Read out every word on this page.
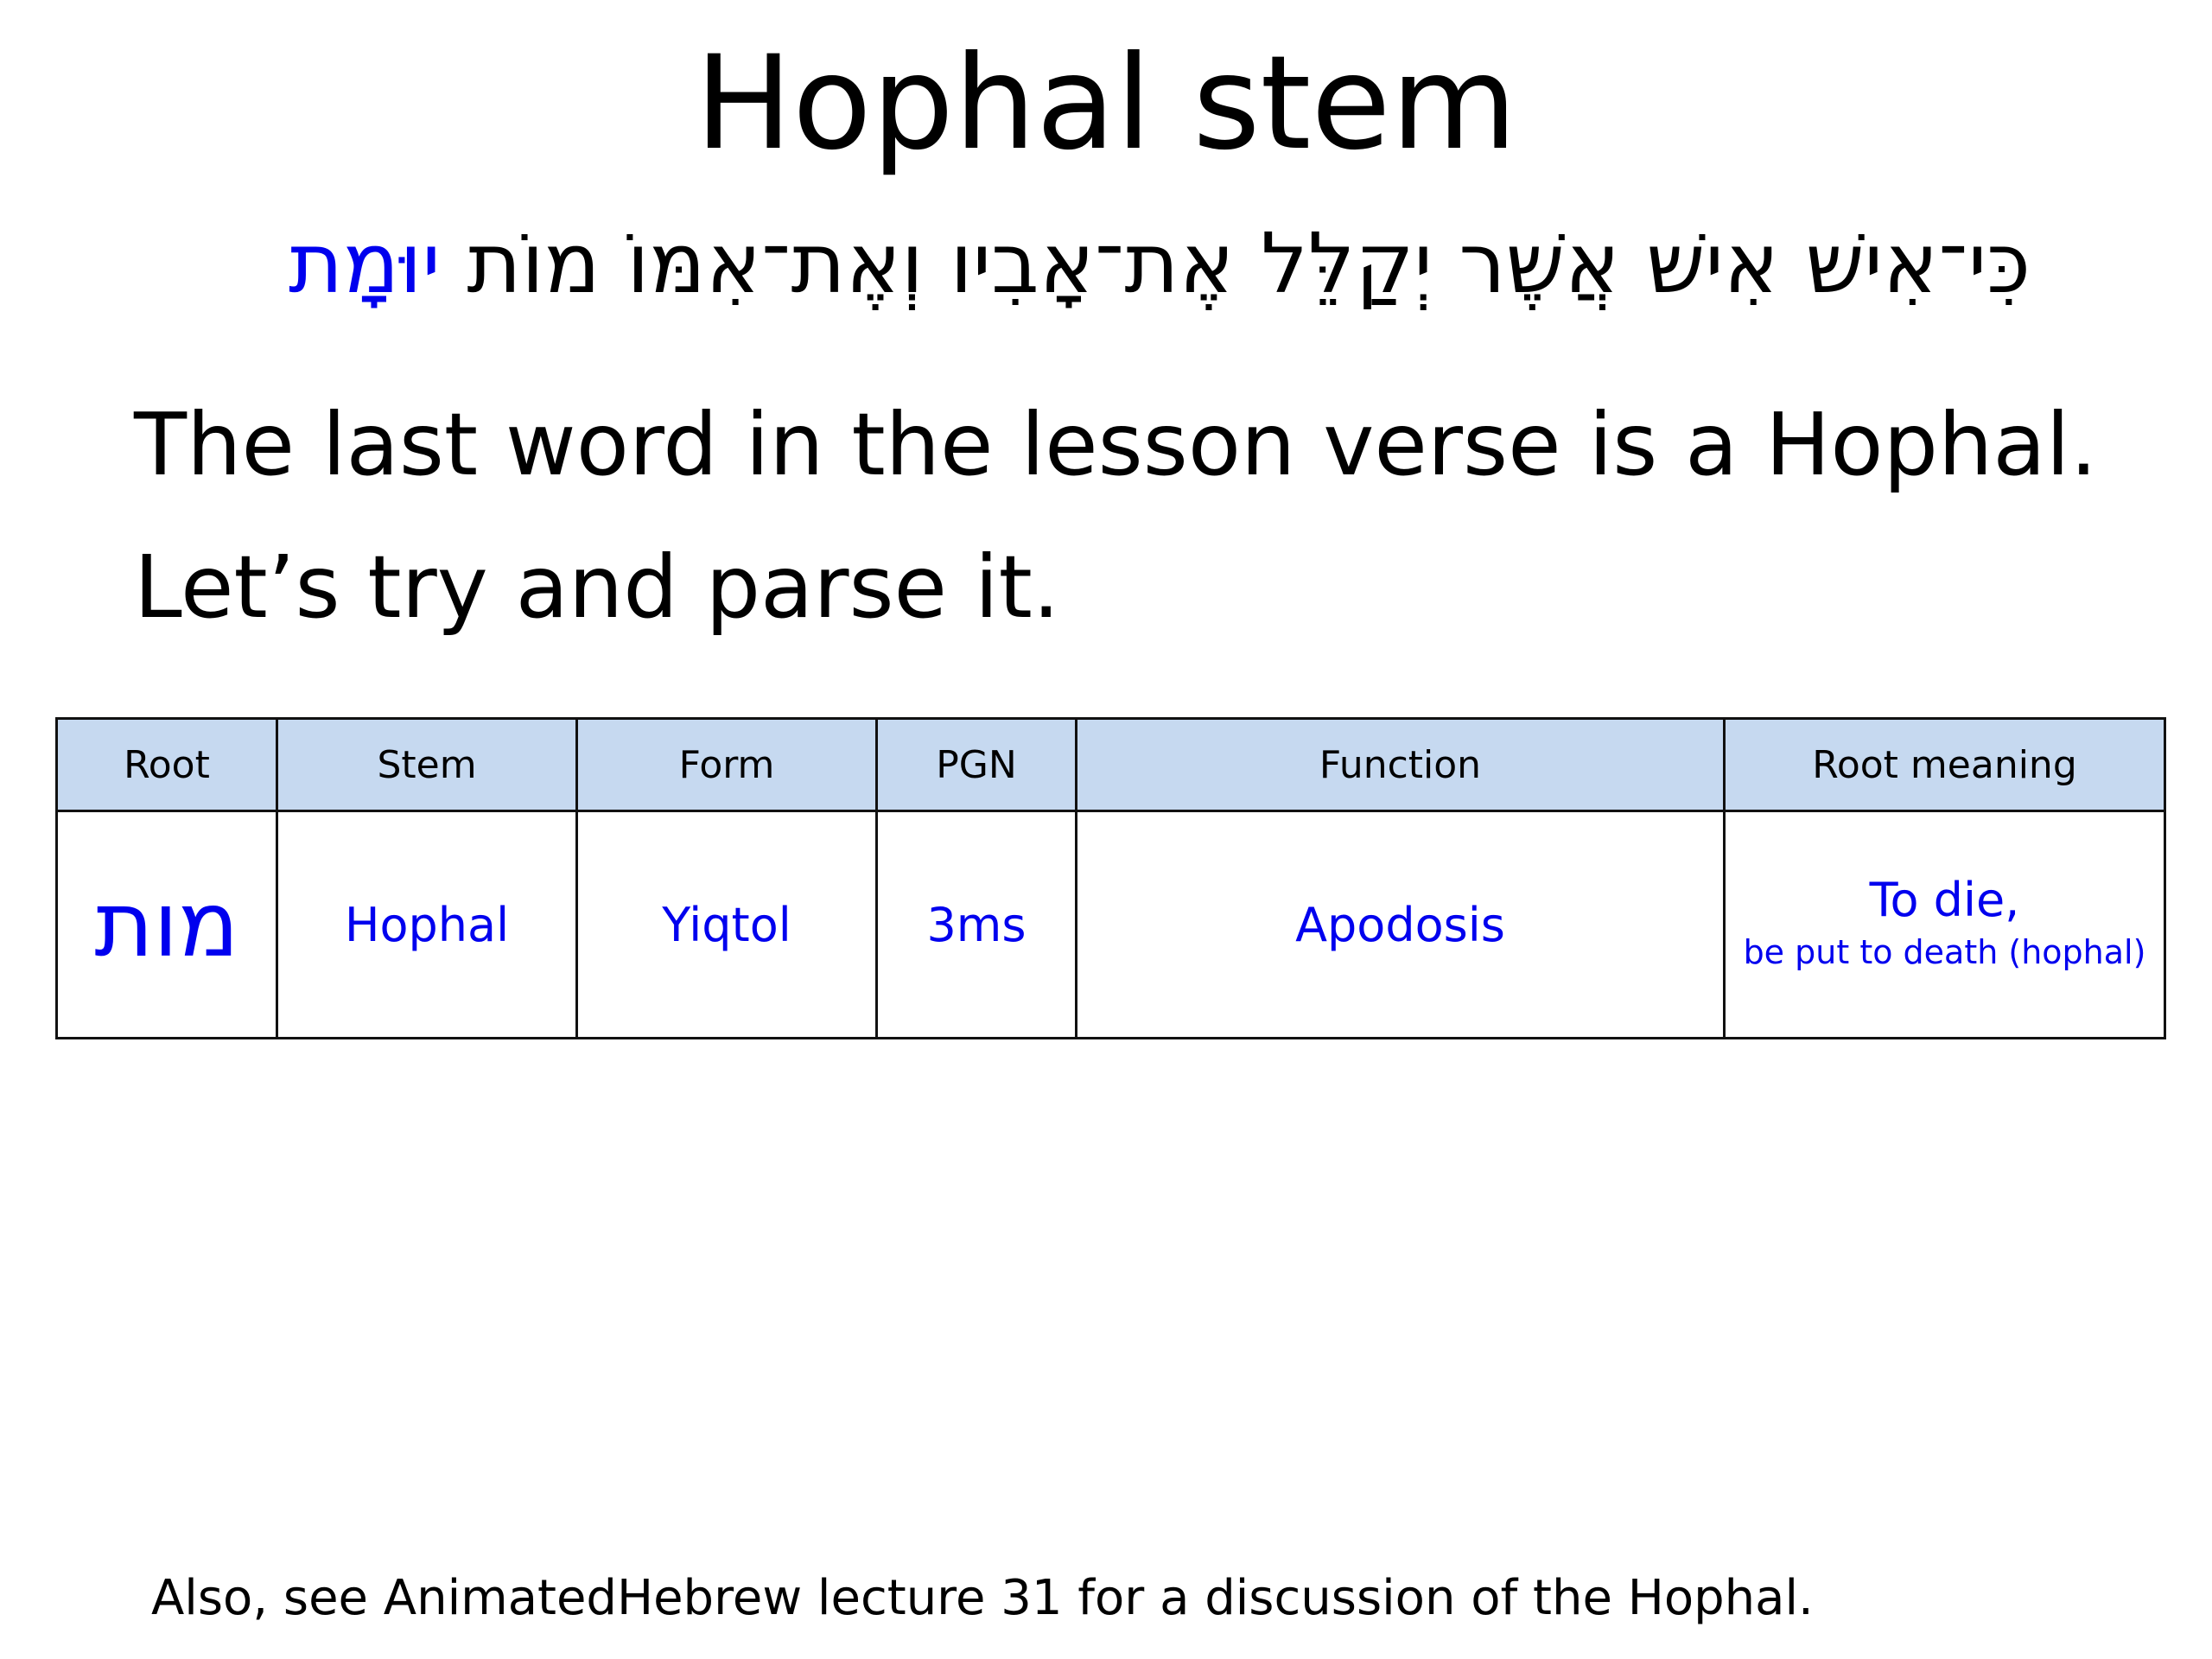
Hophal stem
כִּי־אִישׁ אִישׁ אֲשֶׁר יְקַלֵּל אֶת־אָבִיו וְאֶת־אִמּוֹ מוֹת יוּמָת
The last word in the lesson verse is a Hophal.
Let’s try and parse it.
Root	Stem	Form	PGN	Function	Root meaning
מות	Hophal	Yiqtol	3ms	Apodosis	To die,
be put to death (hophal)
Also, see AnimatedHebrew lecture 31 for a discussion of the Hophal.
